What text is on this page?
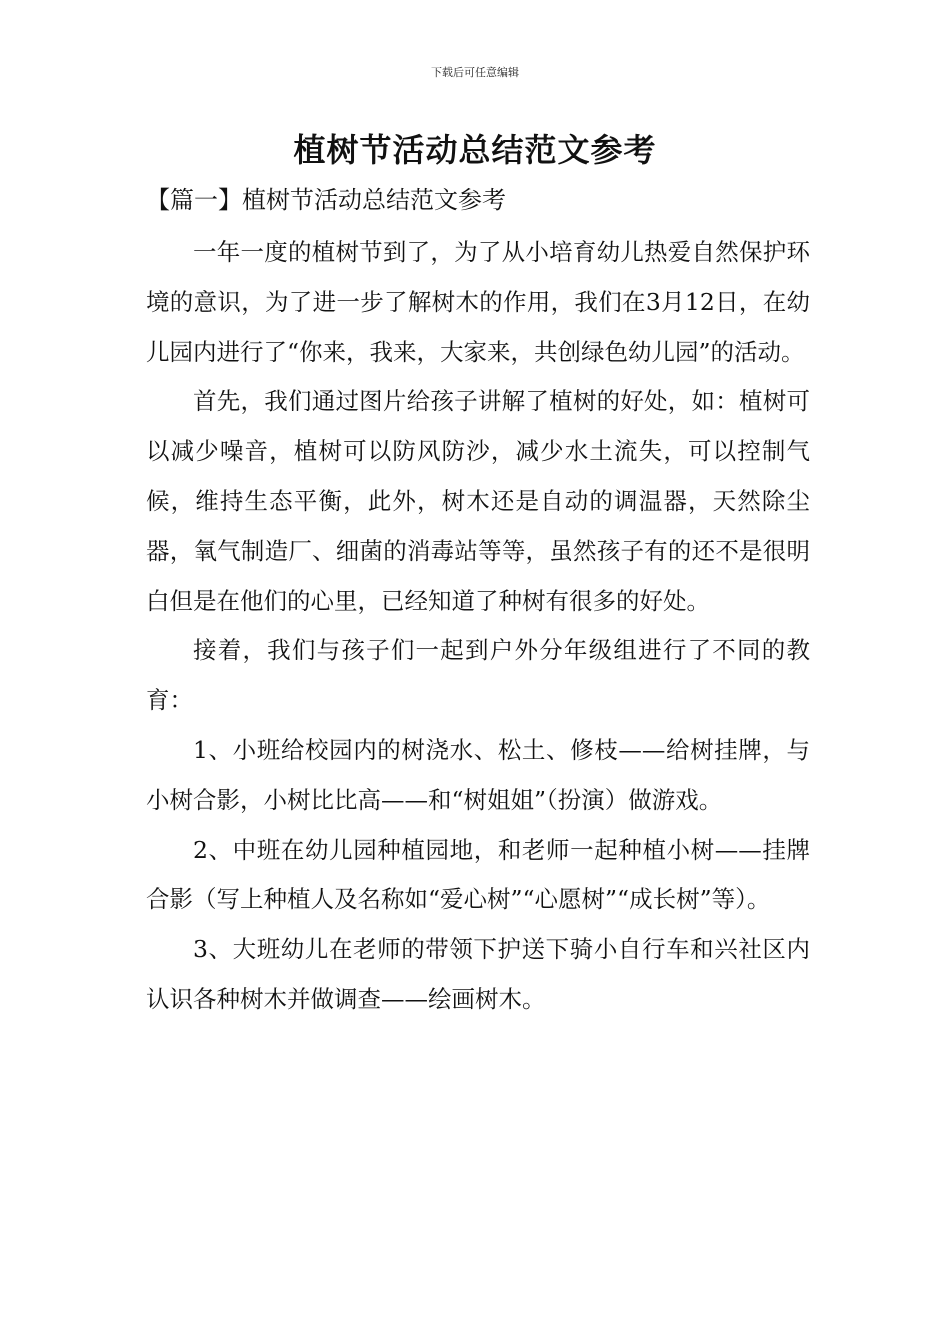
下载后可任意编辑
植树节活动总结范文参考
【篇一】植树节活动总结范文参考

一年一度的植树节到了，为了从小培育幼儿热爱自然保护环境的意识，为了进一步了解树木的作用，我们在3月12日，在幼儿园内进行了“你来，我来，大家来，共创绿色幼儿园”的活动。

首先，我们通过图片给孩子讲解了植树的好处，如：植树可以减少噪音，植树可以防风防沙，减少水土流失，可以控制气候，维持生态平衡，此外，树木还是自动的调温器，天然除尘器，氧气制造厂、细菌的消毒站等等，虽然孩子有的还不是很明白但是在他们的心里，已经知道了种树有很多的好处。

接着，我们与孩子们一起到户外分年级组进行了不同的教育：

1、小班给校园内的树浇水、松土、修枝——给树挂牌，与小树合影，小树比比高——和“树姐姐”（扮演）做游戏。

2、中班在幼儿园种植园地，和老师一起种植小树——挂牌合影（写上种植人及名称如“爱心树”“心愿树”“成长树”等）。

3、大班幼儿在老师的带领下护送下骑小自行车和兴社区内认识各种树木并做调查——绘画树木。
